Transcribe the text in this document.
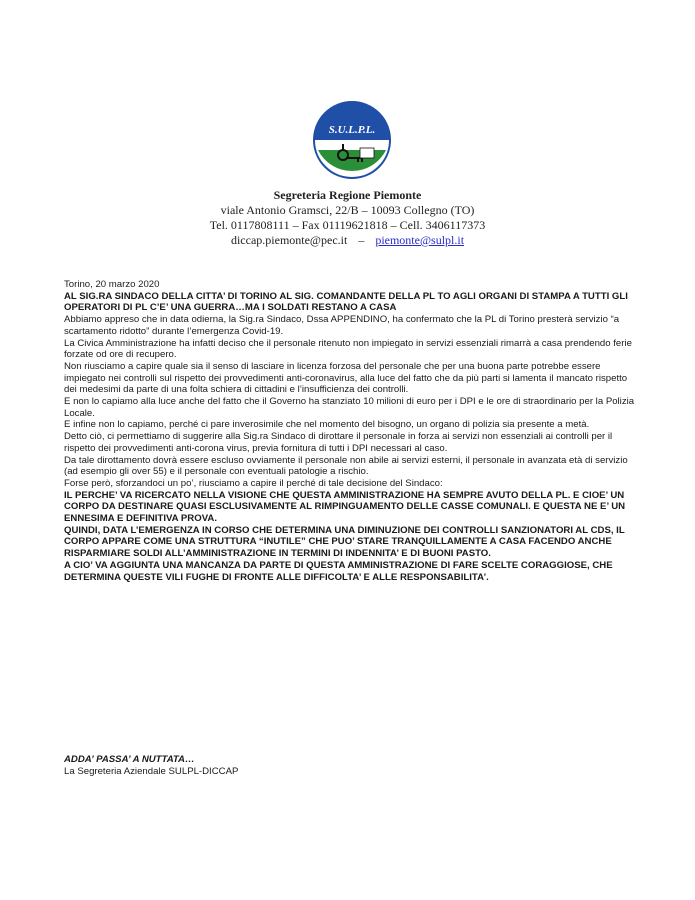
S.U.L.P.L.
Segreteria Regione Piemonte
viale Antonio Gramsci, 22/B – 10093 Collegno (TO)
Tel. 0117808111 – Fax 01119621818 – Cell. 3406117373
diccap.piemonte@pec.it – piemonte@sulpl.it

Torino, 20 marzo 2020

AL SIG.RA SINDACO DELLA CITTA’ DI TORINO AL SIG. COMANDANTE DELLA PL TO AGLI ORGANI DI STAMPA A TUTTI GLI OPERATORI DI PL C’E’ UNA GUERRA…MA I SOLDATI RESTANO A CASA

Abbiamo appreso che in data odierna, la Sig.ra Sindaco, Dssa APPENDINO, ha confermato che la PL di Torino presterà servizio “a scartamento ridotto” durante l’emergenza Covid-19.

La Civica Amministrazione ha infatti deciso che il personale ritenuto non impiegato in servizi essenziali rimarrà a casa prendendo ferie forzate od ore di recupero.

Non riusciamo a capire quale sia il senso di lasciare in licenza forzosa del personale che per una buona parte potrebbe essere impiegato nei controlli sul rispetto dei provvedimenti anti-coronavirus, alla luce del fatto che da più parti si lamenta il mancato rispetto dei medesimi da parte di una folta schiera di cittadini e l’insufficienza dei controlli.

E non lo capiamo alla luce anche del fatto che il Governo ha stanziato 10 milioni di euro per i DPI e le ore di straordinario per la Polizia Locale.

E infine non lo capiamo, perché ci pare inverosimile che nel momento del bisogno, un organo di polizia sia presente a metà.

Detto ciò, ci permettiamo di suggerire alla Sig.ra Sindaco di dirottare il personale in forza ai servizi non essenziali ai controlli per il rispetto dei provvedimenti anti-corona virus, previa fornitura di tutti i DPI necessari al caso.

Da tale dirottamento dovrà essere escluso ovviamente il personale non abile ai servizi esterni, il personale in avanzata età di servizio (ad esempio gli over 55) e il personale con eventuali patologie a rischio.

Forse però, sforzandoci un po’, riusciamo a capire il perché di tale decisione del Sindaco:

IL PERCHE’ VA RICERCATO NELLA VISIONE CHE QUESTA AMMINISTRAZIONE HA SEMPRE AVUTO DELLA PL. E CIOE’ UN CORPO DA DESTINARE QUASI ESCLUSIVAMENTE AL RIMPINGUAMENTO DELLE CASSE COMUNALI. E QUESTA NE E’ UN ENNESIMA E DEFINITIVA PROVA.

QUINDI, DATA L’EMERGENZA IN CORSO CHE DETERMINA UNA DIMINUZIONE DEI CONTROLLI SANZIONATORI AL CDS, IL CORPO APPARE COME UNA STRUTTURA “INUTILE” CHE PUO’ STARE TRANQUILLAMENTE A CASA FACENDO ANCHE RISPARMIARE SOLDI ALL’AMMINISTRAZIONE IN TERMINI DI INDENNITA’ E DI BUONI PASTO.

A CIO’ VA AGGIUNTA UNA MANCANZA DA PARTE DI QUESTA AMMINISTRAZIONE DI FARE SCELTE CORAGGIOSE, CHE DETERMINA QUESTE VILI FUGHE DI FRONTE ALLE DIFFICOLTA’ E ALLE RESPONSABILITA’.

ADDA’ PASSA’ A NUTTATA…

La Segreteria Aziendale SULPL-DICCAP
